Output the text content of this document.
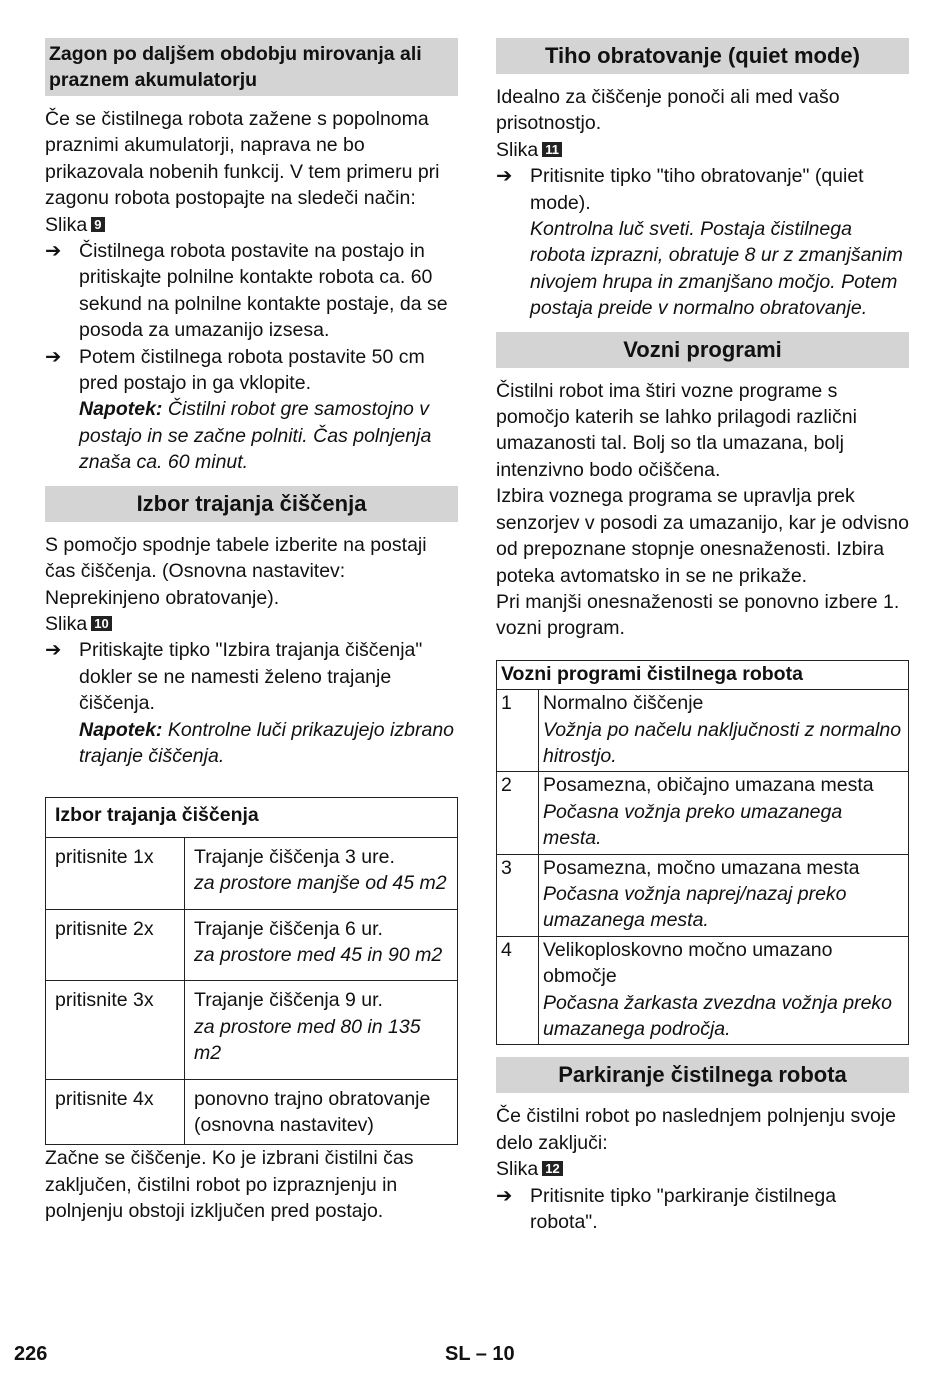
Zagon po daljšem obdobju mirovanja ali praznem akumulatorju

Če se čistilnega robota zažene s popolnoma praznimi akumulatorji, naprava ne bo prikazovala nobenih funkcij. V tem primeru pri zagonu robota postopajte na sledeči način:

Slika 9

➔ Čistilnega robota postavite na postajo in pritiskajte polnilne kontakte robota ca. 60 sekund na polnilne kontakte postaje, da se posoda za umazanijo izsesa.
➔ Potem čistilnega robota postavite 50 cm pred postajo in ga vklopite.

Napotek: Čistilni robot gre samostojno v postajo in se začne polniti. Čas polnjenja znaša ca. 60 minut.

Izbor trajanja čiščenja

S pomočjo spodnje tabele izberite na postaji čas čiščenja. (Osnovna nastavitev: Neprekinjeno obratovanje).

Slika 10

➔ Pritiskajte tipko "Izbira trajanja čiščenja" dokler se ne namesti želeno trajanje čiščenja.

Napotek: Kontrolne luči prikazujejo izbrano trajanje čiščenja.

Izbor trajanja čiščenja	
pritisnite 1x	Trajanje čiščenja 3 ure.
za prostore manjše od 45 m2

pritisnite 2x	Trajanje čiščenja 6 ur.
za prostore med 45 in 90 m2

pritisnite 3x	Trajanje čiščenja 9 ur.
za prostore med 80 in 135 m2

pritisnite 4x	ponovno trajno obratovanje (osnovna nastavitev)

Začne se čiščenje. Ko je izbrani čistilni čas zaključen, čistilni robot po izpraznjenju in polnjenju obstoji izključen pred postajo.

Tiho obratovanje (quiet mode)

Idealno za čiščenje ponoči ali med vašo prisotnostjo.

Slika 11

➔ Pritisnite tipko "tiho obratovanje" (quiet mode).

Kontrolna luč sveti. Postaja čistilnega robota izprazni, obratuje 8 ur z zmanjšanim nivojem hrupa in zmanjšano močjo. Potem postaja preide v normalno obratovanje.

Vozni programi

Čistilni robot ima štiri vozne programe s pomočjo katerih se lahko prilagodi različni umazanosti tal. Bolj so tla umazana, bolj intenzivno bodo očiščena.

Izbira voznega programa se upravlja prek senzorjev v posodi za umazanijo, kar je odvisno od prepoznane stopnje onesnaženosti. Izbira poteka avtomatsko in se ne prikaže.

Pri manjši onesnaženosti se ponovno izbere 1. vozni program.

Vozni programi čistilnega robota	
1	Normalno čiščenje
Vožnja po načelu naključnosti z normalno hitrostjo.

2	Posamezna, običajno umazana mesta
Počasna vožnja preko umazanega mesta.

3	Posamezna, močno umazana mesta
Počasna vožnja naprej/nazaj preko umazanega mesta.

4	Velikoploskovno močno umazano območje
Počasna žarkasta zvezdna vožnja preko umazanega področja.
Parkiranje čistilnega robota

Če čistilni robot po naslednjem polnjenju svoje delo zaključi:

Slika 12

➔ Pritisnite tipko "parkiranje čistilnega robota".
226	SL – 10
